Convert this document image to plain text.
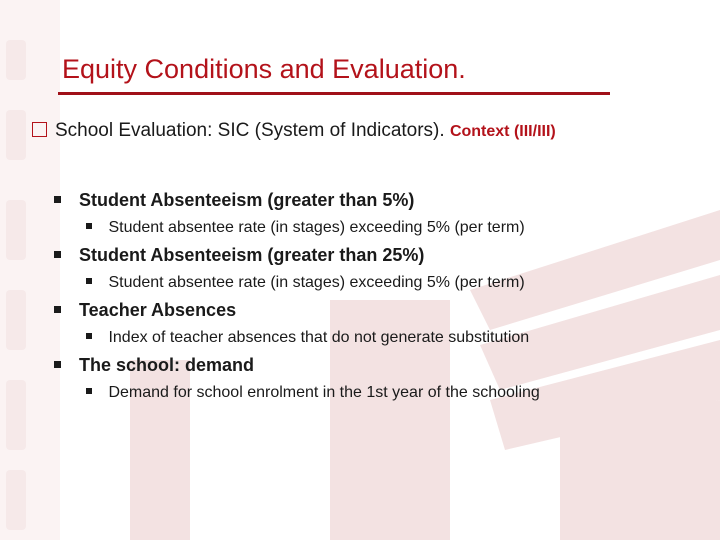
Equity Conditions and Evaluation.
School Evaluation: SIC (System of Indicators). Context (III/III)
Student Absenteeism (greater than 5%)
Student absentee rate (in stages) exceeding 5% (per term)
Student Absenteeism (greater than 25%)
Student absentee rate (in stages) exceeding 5% (per term)
Teacher Absences
Index of teacher absences that do not generate substitution
The school: demand
Demand for school enrolment in the 1st year of the schooling
